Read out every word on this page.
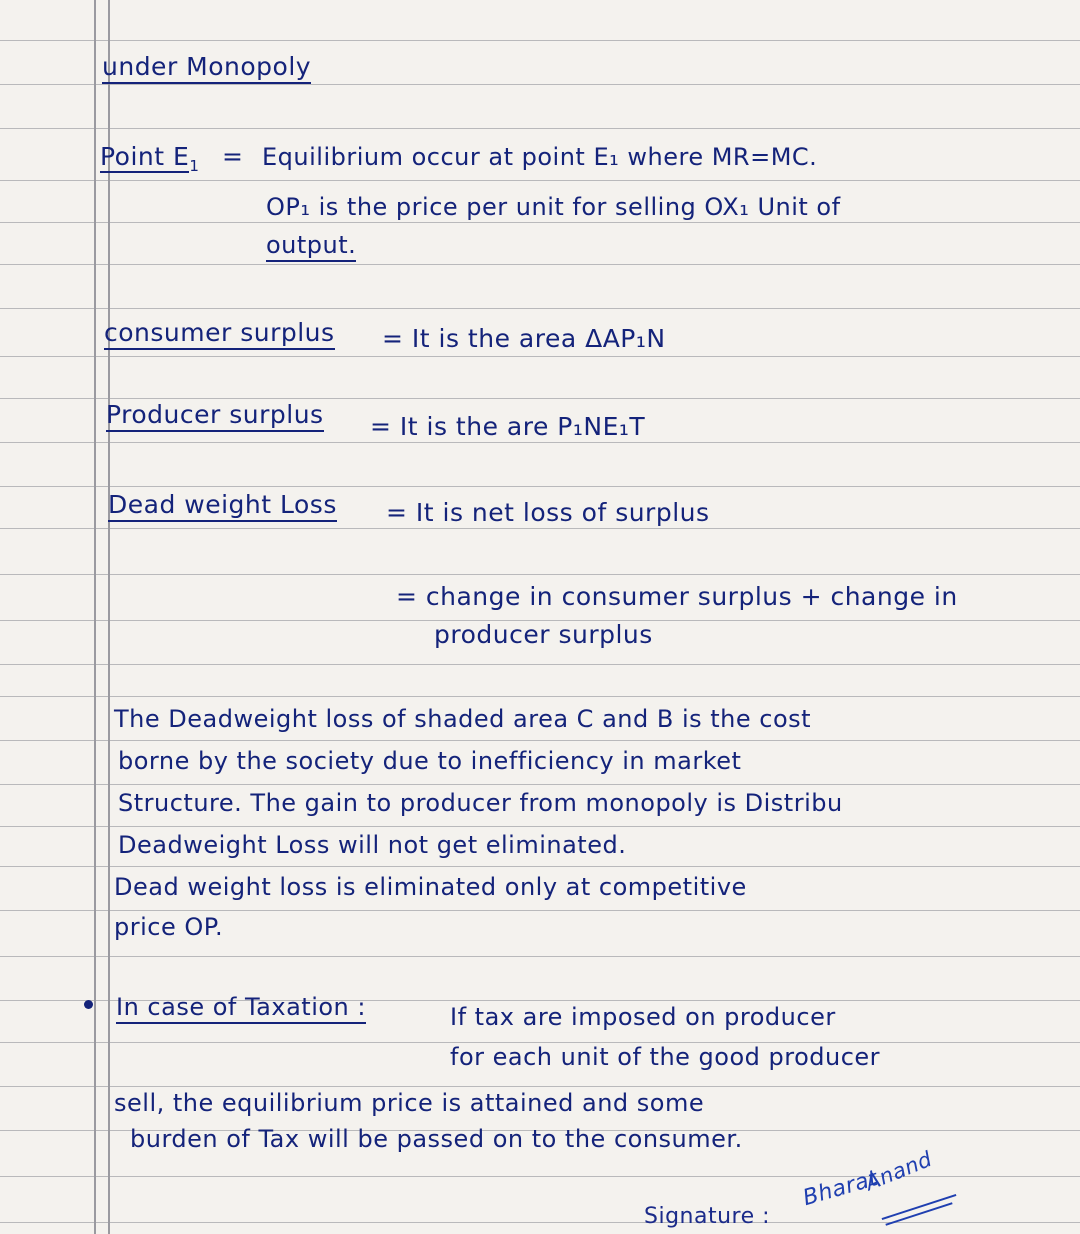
under Monopoly
Point $E_1$ = Equilibrium occur at point E₁ where MR=MC.
OP₁ is the price per unit for selling OX₁ Unit of
output.
consumer surplus = It is the area ΔAP₁N
Producer surplus = It is the are P₁NE₁T
Dead weight Loss = It is net loss of surplus
= change in consumer surplus + change in
producer surplus
The Deadweight loss of shaded area C and B is the cost
borne by the society due to inefficiency in market
Structure. The gain to producer from monopoly is Distribu
Deadweight Loss will not get eliminated.
Dead weight loss is eliminated only at competitive
price OP.
In case of Taxation :	If tax are imposed on producer
for each unit of the good producer
sell, the equilibrium price is attained and some
burden of Tax will be passed on to the consumer.
Signature :
Bharat
Anand
